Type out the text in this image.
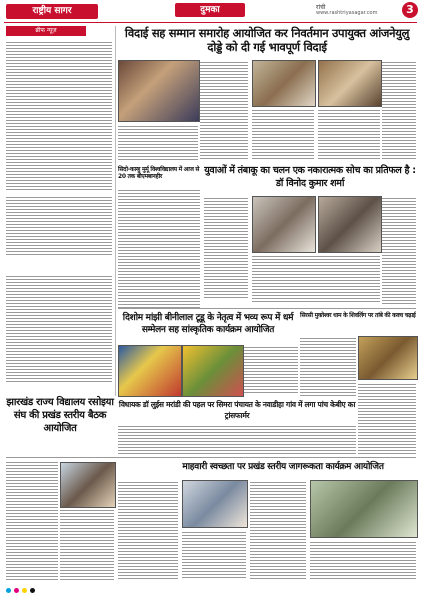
राष्ट्रीय सागर	दुमका	रांची
www.rashtriyasagar.com	3
ब्रीफ न्यूज़	विदाई सह सम्मान समारोह आयोजित कर निवर्तमान उपायुक्त आंजनेयुलु दोड्डे को दी गई भावपूर्ण विदाई
सिदो-कान्हु मुर्मू विश्वविद्यालय में आज से 20 तक बीएमबानहीर
युवाओं में तंबाकू का चलन एक नकारात्मक सोच का प्रतिफल है : डॉ विनोद कुमार शर्मा
दिशोम मांझी बीनीलाल टूडू के नेतृत्व में भव्य रूप में धर्म सम्मेलन सह सांस्कृतिक कार्यक्रम आयोजित
सिरसी मुक्तेश्वर धाम के शिवलिंग पर तांबे की कवच चढ़ाई
विधायक डॉ लुईस मरांडी की पहल पर सिमरा पंचायत के नवाडीहा गांव में लगा पांच केबीए का ट्रांसफार्मर
झारखंड राज्य विद्यालय रसोइया संघ की प्रखंड स्तरीय बैठक आयोजित
माहवारी स्वच्छता पर प्रखंड स्तरीय जागरूकता कार्यक्रम आयोजित
